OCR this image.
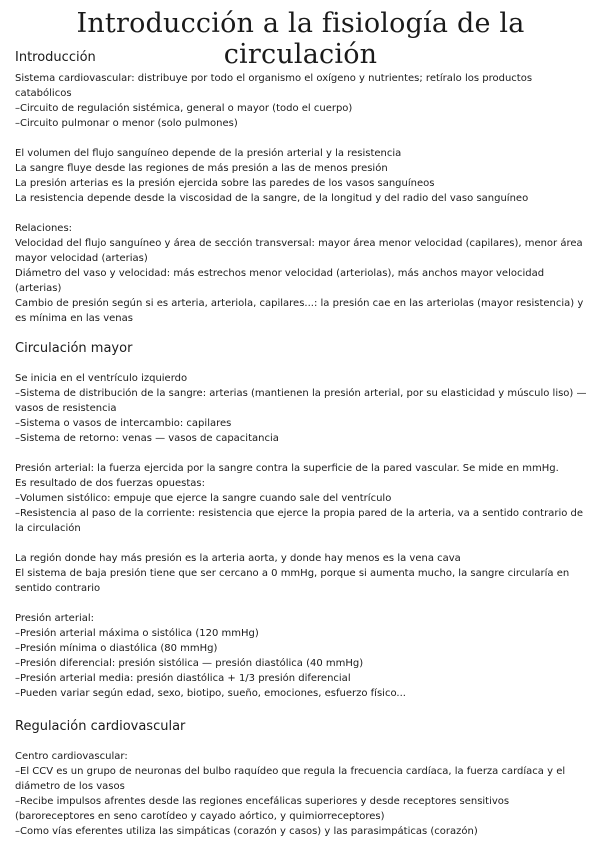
Introducción a la fisiología de la circulación

Introducción

Sistema cardiovascular: distribuye por todo el organismo el oxígeno y nutrientes; retíralo los productos catabólicos

–Circuito de regulación sistémica, general o mayor (todo el cuerpo)

–Circuito pulmonar o menor (solo pulmones)

El volumen del flujo sanguíneo depende de la presión arterial y la resistencia

La sangre fluye desde las regiones de más presión a las de menos presión

La presión arterias es la presión ejercida sobre las paredes de los vasos sanguíneos

La resistencia depende desde la viscosidad de la sangre, de la longitud y del radio del vaso sanguíneo

Relaciones:

Velocidad del flujo sanguíneo y área de sección transversal: mayor área menor velocidad (capilares), menor área mayor velocidad (arterias)

Diámetro del vaso y velocidad: más estrechos menor velocidad (arteriolas), más anchos mayor velocidad (arterias)

Cambio de presión según si es arteria, arteriola, capilares...: la presión cae en las arteriolas (mayor resistencia) y es mínima en las venas

Circulación mayor

Se inicia en el ventrículo izquierdo

–Sistema de distribución de la sangre: arterias (mantienen la presión arterial, por su elasticidad y músculo liso) — vasos de resistencia

–Sistema o vasos de intercambio: capilares

–Sistema de retorno: venas — vasos de capacitancia

Presión arterial: la fuerza ejercida por la sangre contra la superficie de la pared vascular. Se mide en mmHg.

Es resultado de dos fuerzas opuestas:

–Volumen sistólico: empuje que ejerce la sangre cuando sale del ventrículo

–Resistencia al paso de la corriente: resistencia que ejerce la propia pared de la arteria, va a sentido contrario de la circulación

La región donde hay más presión es la arteria aorta, y donde hay menos es la vena cava

El sistema de baja presión tiene que ser cercano a 0 mmHg, porque si aumenta mucho, la sangre circularía en sentido contrario

Presión arterial:

–Presión arterial máxima o sistólica (120 mmHg)

–Presión mínima o diastólica (80 mmHg)

–Presión diferencial: presión sistólica — presión diastólica (40 mmHg)

–Presión arterial media: presión diastólica + 1/3 presión diferencial

–Pueden variar según edad, sexo, biotipo, sueño, emociones, esfuerzo físico...

Regulación cardiovascular

Centro cardiovascular:

–El CCV es un grupo de neuronas del bulbo raquídeo que regula la frecuencia cardíaca, la fuerza cardíaca y el diámetro de los vasos

–Recibe impulsos afrentes desde las regiones encefálicas superiores y desde receptores sensitivos (baroreceptores en seno carotídeo y cayado aórtico, y quimiorreceptores)

–Como vías eferentes utiliza las simpáticas (corazón y casos) y las parasimpáticas (corazón)
